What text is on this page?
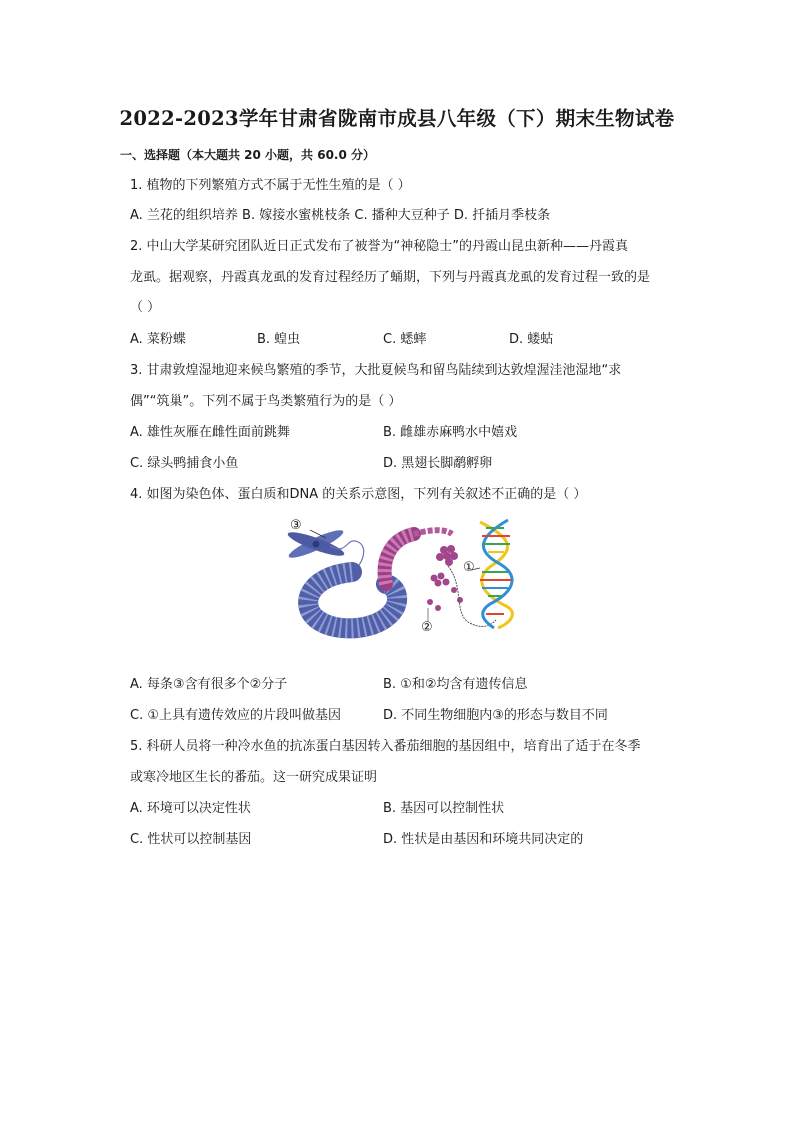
2022-2023学年甘肃省陇南市成县八年级（下）期末生物试卷
一、选择题（本大题共 20 小题，共 60.0 分）
1. 植物的下列繁殖方式不属于无性生殖的是（ ）
A. 兰花的组织培养 B. 嫁接水蜜桃枝条 C. 播种大豆种子 D. 扦插月季枝条
2. 中山大学某研究团队近日正式发布了被誉为“神秘隐士”的丹霞山昆虫新种——丹霞真
龙虱。据观察，丹霞真龙虱的发育过程经历了蛹期，下列与丹霞真龙虱的发育过程一致的是
（ ）
A. 菜粉蝶	B. 蝗虫	C. 蟋蟀	D. 蝼蛄
3. 甘肃敦煌湿地迎来候鸟繁殖的季节，大批夏候鸟和留鸟陆续到达敦煌渥洼池湿地“求
偶”“筑巢”。下列不属于鸟类繁殖行为的是（ ）
A. 雄性灰雁在雌性面前跳舞	B. 雌雄赤麻鸭水中嬉戏
C. 绿头鸭捕食小鱼	D. 黑翅长脚鹬孵卵
4. 如图为染色体、蛋白质和DNA 的关系示意图，下列有关叙述不正确的是（ ）
③
①
②
A. 每条③含有很多个②分子	B. ①和②均含有遗传信息
C. ①上具有遗传效应的片段叫做基因	D. 不同生物细胞内③的形态与数目不同
5. 科研人员将一种冷水鱼的抗冻蛋白基因转入番茄细胞的基因组中，培育出了适于在冬季
或寒冷地区生长的番茄。这一研究成果证明
A. 环境可以决定性状	B. 基因可以控制性状
C. 性状可以控制基因	D. 性状是由基因和环境共同决定的
